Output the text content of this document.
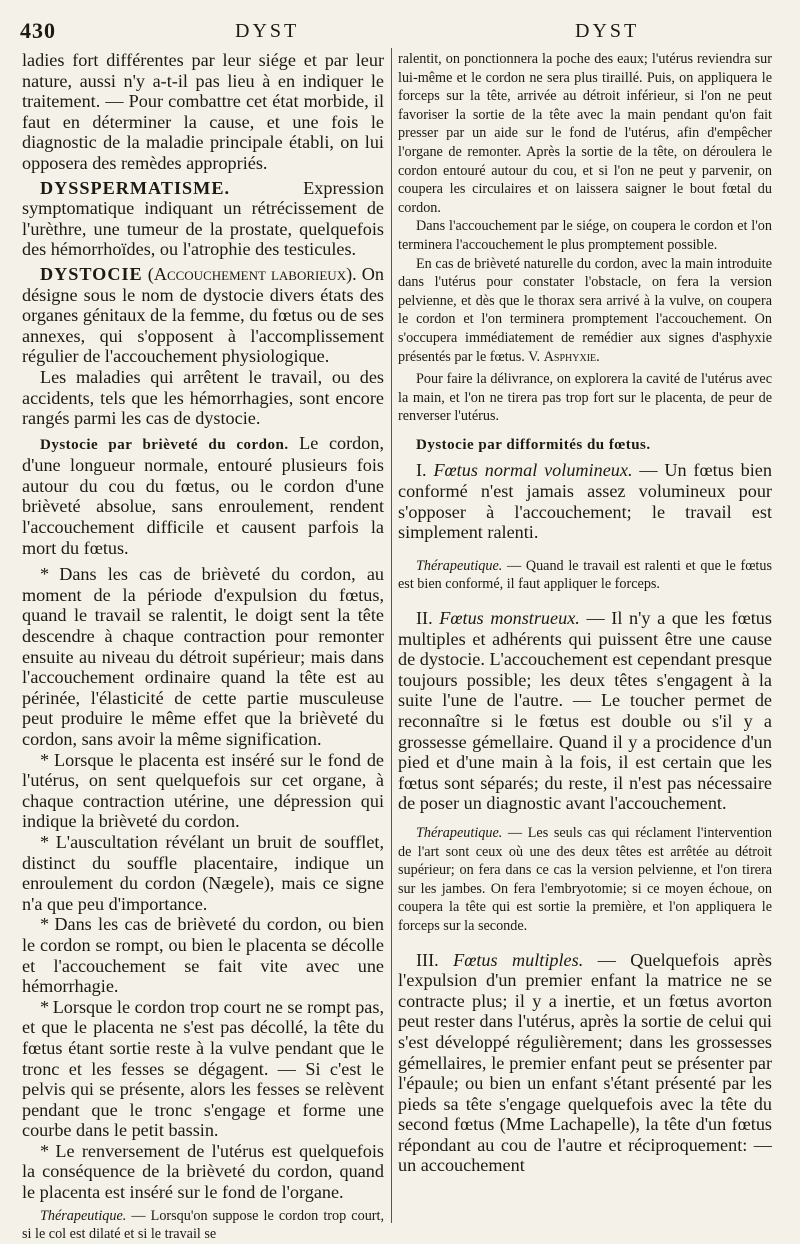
430	DYST	DYST

ladies fort différentes par leur siége et par leur nature, aussi n'y a-t-il pas lieu à en indiquer le traitement. — Pour combattre cet état morbide, il faut en déterminer la cause, et une fois le diagnostic de la maladie principale établi, on lui opposera des remèdes appropriés.

DYSSPERMATISME. Expression symptomatique indiquant un rétrécissement de l'urèthre, une tumeur de la prostate, quelquefois des hémorrhoïdes, ou l'atrophie des testicules.

DYSTOCIE (Accouchement laborieux). On désigne sous le nom de dystocie divers états des organes génitaux de la femme, du fœtus ou de ses annexes, qui s'opposent à l'accomplissement régulier de l'accouchement physiologique.

Les maladies qui arrêtent le travail, ou des accidents, tels que les hémorrhagies, sont encore rangés parmi les cas de dystocie.

Dystocie par brièveté du cordon. Le cordon, d'une longueur normale, entouré plusieurs fois autour du cou du fœtus, ou le cordon d'une brièveté absolue, sans enroulement, rendent l'accouchement difficile et causent parfois la mort du fœtus.

* Dans les cas de brièveté du cordon, au moment de la période d'expulsion du fœtus, quand le travail se ralentit, le doigt sent la tête descendre à chaque contraction pour remonter ensuite au niveau du détroit supérieur; mais dans l'accouchement ordinaire quand la tête est au périnée, l'élasticité de cette partie musculeuse peut produire le même effet que la brièveté du cordon, sans avoir la même signification.

* Lorsque le placenta est inséré sur le fond de l'utérus, on sent quelquefois sur cet organe, à chaque contraction utérine, une dépression qui indique la brièveté du cordon.

* L'auscultation révélant un bruit de soufflet, distinct du souffle placentaire, indique un enroulement du cordon (Nægele), mais ce signe n'a que peu d'importance.

* Dans les cas de brièveté du cordon, ou bien le cordon se rompt, ou bien le placenta se décolle et l'accouchement se fait vite avec une hémorrhagie.

* Lorsque le cordon trop court ne se rompt pas, et que le placenta ne s'est pas décollé, la tête du fœtus étant sortie reste à la vulve pendant que le tronc et les fesses se dégagent. — Si c'est le pelvis qui se présente, alors les fesses se relèvent pendant que le tronc s'engage et forme une courbe dans le petit bassin.

* Le renversement de l'utérus est quelquefois la conséquence de la brièveté du cordon, quand le placenta est inséré sur le fond de l'organe.

Thérapeutique. — Lorsqu'on suppose le cordon trop court, si le col est dilaté et si le travail se

ralentit, on ponctionnera la poche des eaux; l'utérus reviendra sur lui-même et le cordon ne sera plus tiraillé. Puis, on appliquera le forceps sur la tête, arrivée au détroit inférieur, si l'on ne peut favoriser la sortie de la tête avec la main pendant qu'on fait presser par un aide sur le fond de l'utérus, afin d'empêcher l'organe de remonter. Après la sortie de la tête, on déroulera le cordon entouré autour du cou, et si l'on ne peut y parvenir, on coupera les circulaires et on laissera saigner le bout fœtal du cordon.

Dans l'accouchement par le siége, on coupera le cordon et l'on terminera l'accouchement le plus promptement possible.

En cas de brièveté naturelle du cordon, avec la main introduite dans l'utérus pour constater l'obstacle, on fera la version pelvienne, et dès que le thorax sera arrivé à la vulve, on coupera le cordon et l'on terminera promptement l'accouchement. On s'occupera immédiatement de remédier aux signes d'asphyxie présentés par le fœtus. V. Asphyxie.

Pour faire la délivrance, on explorera la cavité de l'utérus avec la main, et l'on ne tirera pas trop fort sur le placenta, de peur de renverser l'utérus.

Dystocie par difformités du fœtus.

I. Fœtus normal volumineux. — Un fœtus bien conformé n'est jamais assez volumineux pour s'opposer à l'accouchement; le travail est simplement ralenti.

Thérapeutique. — Quand le travail est ralenti et que le fœtus est bien conformé, il faut appliquer le forceps.

II. Fœtus monstrueux. — Il n'y a que les fœtus multiples et adhérents qui puissent être une cause de dystocie. L'accouchement est cependant presque toujours possible; les deux têtes s'engagent à la suite l'une de l'autre. — Le toucher permet de reconnaître si le fœtus est double ou s'il y a grossesse gémellaire. Quand il y a procidence d'un pied et d'une main à la fois, il est certain que les fœtus sont séparés; du reste, il n'est pas nécessaire de poser un diagnostic avant l'accouchement.

Thérapeutique. — Les seuls cas qui réclament l'intervention de l'art sont ceux où une des deux têtes est arrêtée au détroit supérieur; on fera dans ce cas la version pelvienne, et l'on tirera sur les jambes. On fera l'embryotomie; si ce moyen échoue, on coupera la tête qui est sortie la première, et l'on appliquera le forceps sur la seconde.

III. Fœtus multiples. — Quelquefois après l'expulsion d'un premier enfant la matrice ne se contracte plus; il y a inertie, et un fœtus avorton peut rester dans l'utérus, après la sortie de celui qui s'est développé régulièrement; dans les grossesses gémellaires, le premier enfant peut se présenter par l'épaule; ou bien un enfant s'étant présenté par les pieds sa tête s'engage quelquefois avec la tête du second fœtus (Mme Lachapelle), la tête d'un fœtus répondant au cou de l'autre et réciproquement: — un accouchement
